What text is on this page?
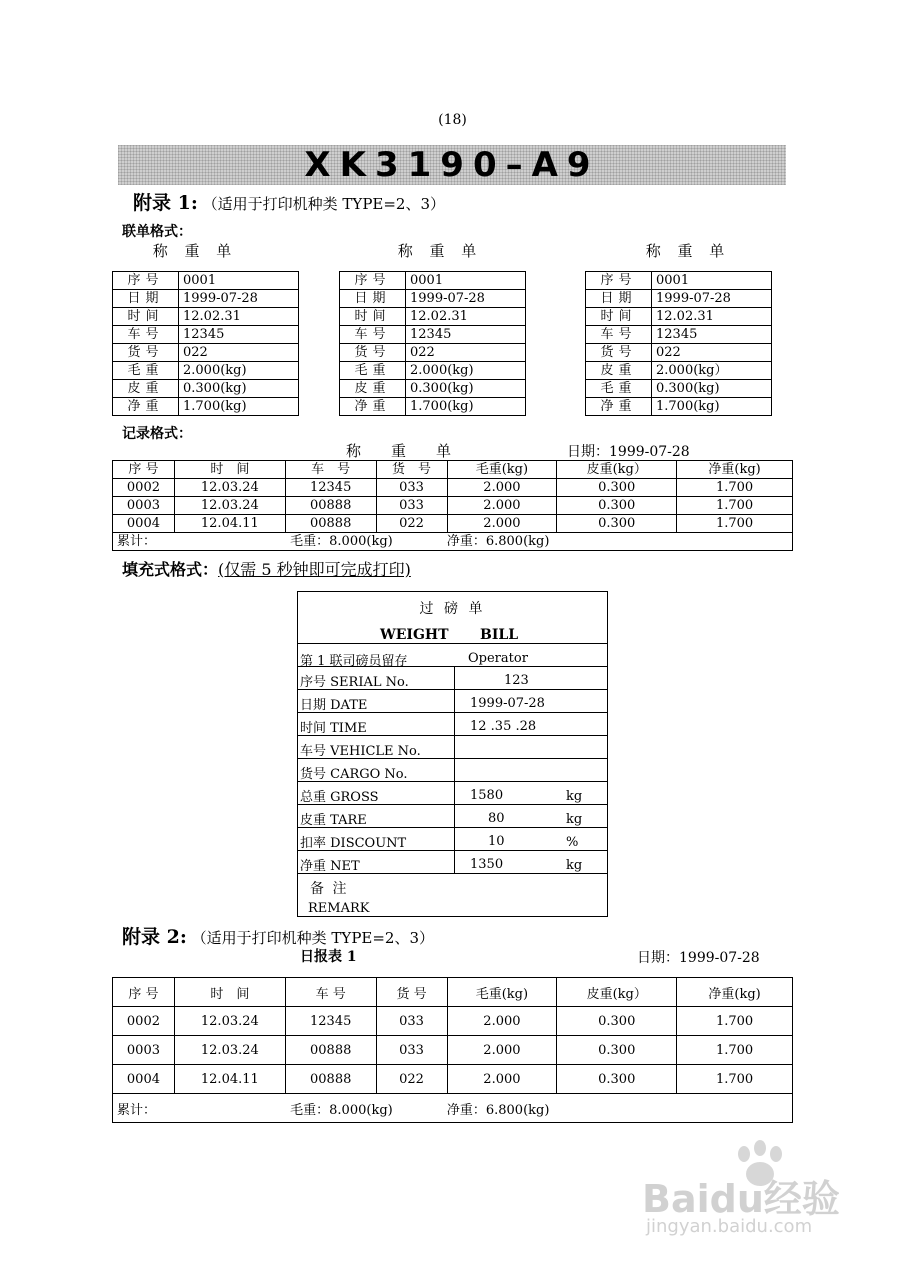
(18)
XK3190–A9
附录 1: （适用于打印机种类 TYPE=2、3）
联单格式：
称 重 单	称 重 单	称 重 单
序号	0001
日期	1999-07-28
时间	12.02.31
车号	12345
货号	022
毛重	2.000(kg)
皮重	0.300(kg)
净重	1.700(kg)
序号	0001
日期	1999-07-28
时间	12.02.31
车号	12345
货号	022
毛重	2.000(kg)
皮重	0.300(kg)
净重	1.700(kg)
序号	0001
日期	1999-07-28
时间	12.02.31
车号	12345
货号	022
皮重	2.000(kg）
毛重	0.300(kg)
净重	1.700(kg)
记录格式：
称　　重　　单	日期：1999-07-28
序 号	时　间	车　号	货　号	毛重(kg)	皮重(kg）	净重(kg)
0002	12.03.24	12345	033	2.000	0.300	1.700
0003	12.03.24	00888	033	2.000	0.300	1.700
0004	12.04.11	00888	022	2.000	0.300	1.700
累计： 毛重：8.000(kg) 净重：6.800(kg)						
填充式格式：(仅需 5 秒钟即可完成打印)
过 磅 单
WEIGHT BILL
第 1 联司磅员留存	Operator
序号 SERIAL No.	123
日期 DATE	1999-07-28
时间 TIME	12 .35 .28
车号 VEHICLE No.
货号 CARGO No.
总重 GROSS	1580	kg
皮重 TARE	80	kg
扣率 DISCOUNT	10	%
净重 NET	1350	kg
备 注
REMARK
附录 2: （适用于打印机种类 TYPE=2、3）
日报表 1	日期：1999-07-28
序 号	时　间	车 号	货 号	毛重(kg)	皮重(kg）	净重(kg)
0002	12.03.24	12345	033	2.000	0.300	1.700
0003	12.03.24	00888	033	2.000	0.300	1.700
0004	12.04.11	00888	022	2.000	0.300	1.700
累计： 毛重：8.000(kg) 净重：6.800(kg)						
Baidu经验
jingyan.baidu.com
